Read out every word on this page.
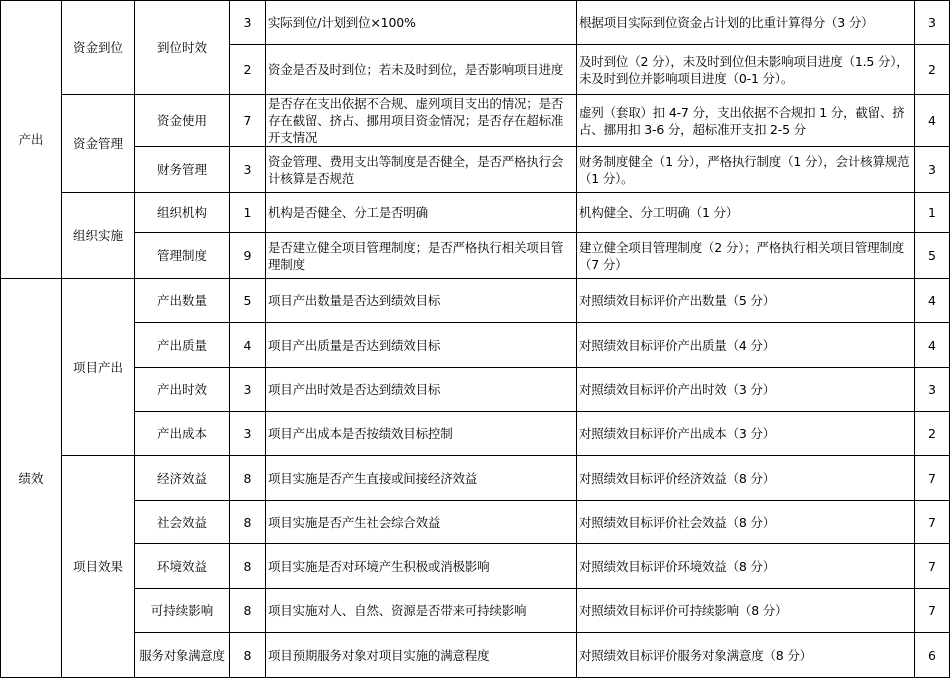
产出	资金到位	到位时效	3	实际到位/计划到位×100%	根据项目实际到位资金占计划的比重计算得分（3 分）	3
			2	资金是否及时到位；若未及时到位，是否影响项目进度	及时到位（2 分），未及时到位但未影响项目进度（1.5 分），未及时到位并影响项目进度（0-1 分）。	2
	资金管理	资金使用	7	是否存在支出依据不合规、虚列项目支出的情况；是否存在截留、挤占、挪用项目资金情况；是否存在超标准开支情况	虚列（套取）扣 4-7 分，支出依据不合规扣 1 分，截留、挤占、挪用扣 3-6 分，超标准开支扣 2-5 分	4
		财务管理	3	资金管理、费用支出等制度是否健全，是否严格执行会计核算是否规范	财务制度健全（1 分），严格执行制度（1 分），会计核算规范（1 分）。	3
	组织实施	组织机构	1	机构是否健全、分工是否明确	机构健全、分工明确（1 分）	1
		管理制度	9	是否建立健全项目管理制度；是否严格执行相关项目管理制度	建立健全项目管理制度（2 分）；严格执行相关项目管理制度（7 分）	5
绩效	项目产出	产出数量	5	项目产出数量是否达到绩效目标	对照绩效目标评价产出数量（5 分）	4
		产出质量	4	项目产出质量是否达到绩效目标	对照绩效目标评价产出质量（4 分）	4
		产出时效	3	项目产出时效是否达到绩效目标	对照绩效目标评价产出时效（3 分）	3
		产出成本	3	项目产出成本是否按绩效目标控制	对照绩效目标评价产出成本（3 分）	2
	项目效果	经济效益	8	项目实施是否产生直接或间接经济效益	对照绩效目标评价经济效益（8 分）	7
		社会效益	8	项目实施是否产生社会综合效益	对照绩效目标评价社会效益（8 分）	7
		环境效益	8	项目实施是否对环境产生积极或消极影响	对照绩效目标评价环境效益（8 分）	7
		可持续影响	8	项目实施对人、自然、资源是否带来可持续影响	对照绩效目标评价可持续影响（8 分）	7
		服务对象满意度	8	项目预期服务对象对项目实施的满意程度	对照绩效目标评价服务对象满意度（8 分）	6
